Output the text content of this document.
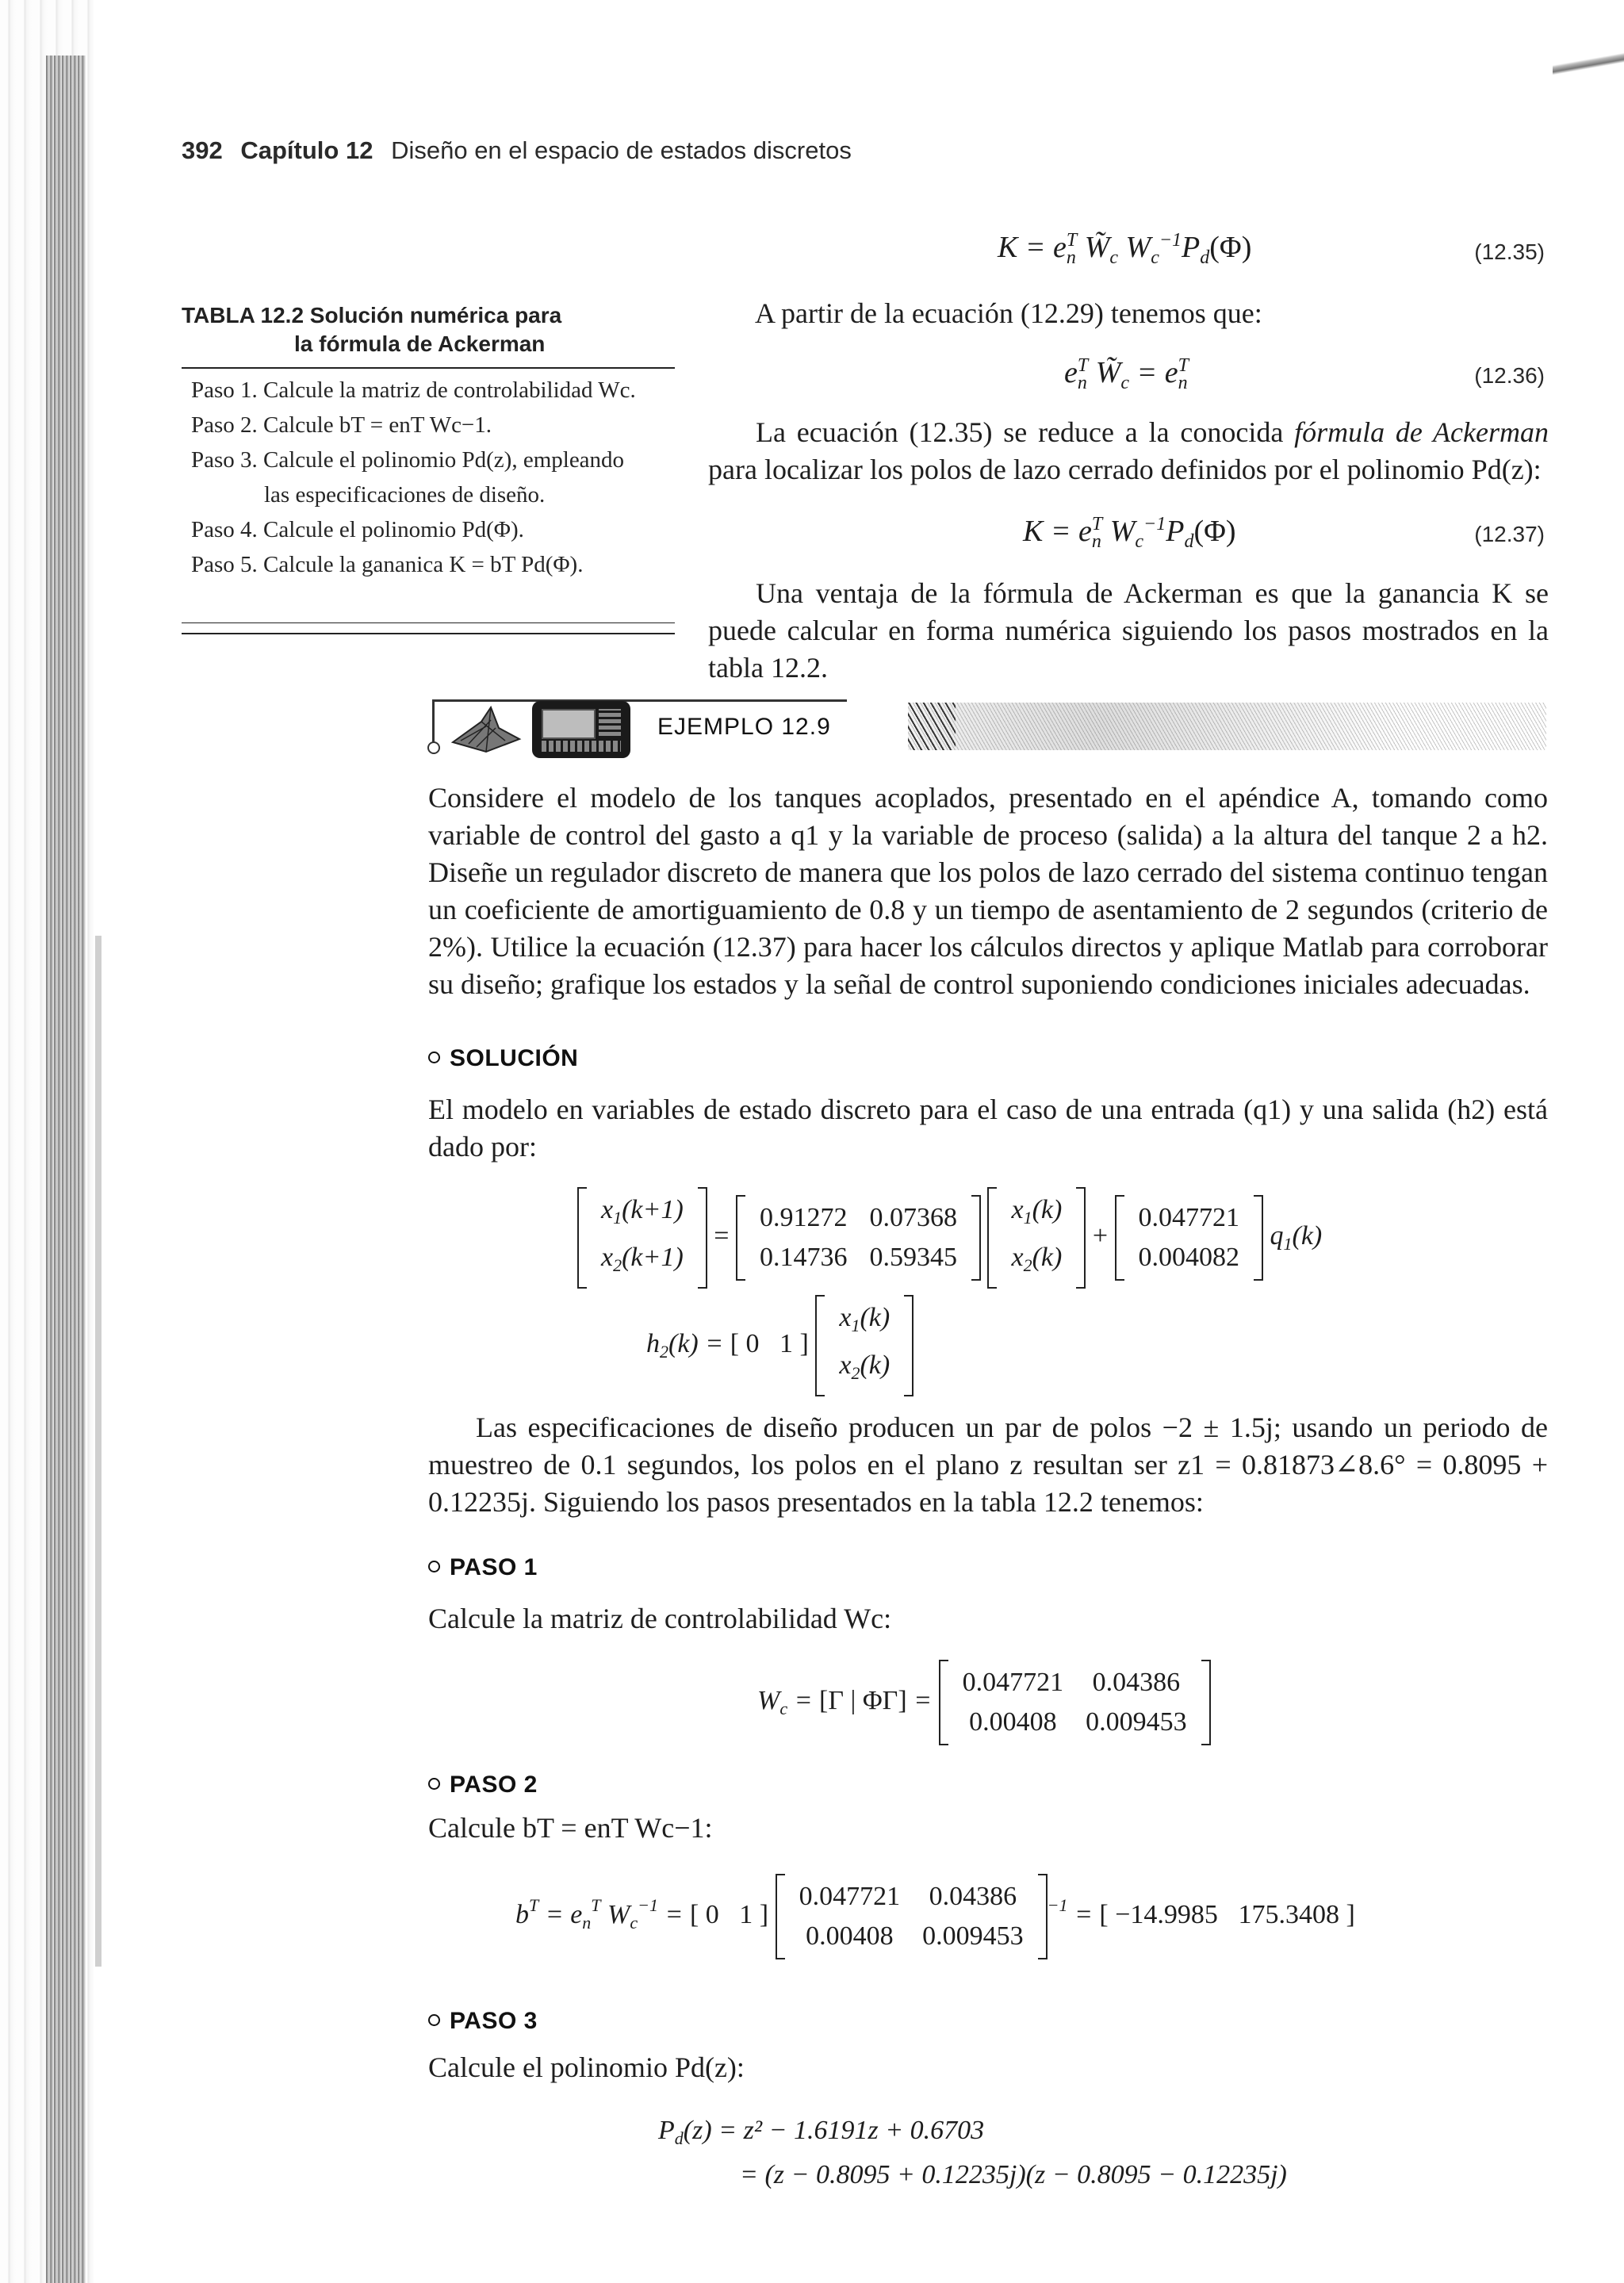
392 Capítulo 12 Diseño en el espacio de estados discretos
TABLA 12.2 Solución numérica para
la fórmula de Ackerman
Paso 1. Calcule la matriz de controlabilidad Wc.
Paso 2. Calcule bT = enT Wc−1.
Paso 3. Calcule el polinomio Pd(z), empleando
las especificaciones de diseño.
Paso 4. Calcule el polinomio Pd(Φ).
Paso 5. Calcule la gananica K = bT Pd(Φ).
$K = e_n^T$ $W̃_c$ $W_c^{-1}P_d(\Phi)$	(12.35)
A partir de la ecuación (12.29) tenemos que:
$e_n^T$ $W̃_c = e_n^T$	(12.36)
La ecuación (12.35) se reduce a la conocida fórmula de Ackerman para localizar los polos de lazo cerrado definidos por el polinomio Pd(z):
$K = e_n^T$ $W_c^{-1}P_d(\Phi)$	(12.37)
Una ventaja de la fórmula de Ackerman es que la ganancia K se puede calcular en forma numérica siguiendo los pasos mostrados en la tabla 12.2.
EJEMPLO 12.9
Considere el modelo de los tanques acoplados, presentado en el apéndice A, tomando como variable de control del gasto a q1 y la variable de proceso (salida) a la altura del tanque 2 a h2. Diseñe un regulador discreto de manera que los polos de lazo cerrado del sistema continuo tengan un coeficiente de amortiguamiento de 0.8 y un tiempo de asentamiento de 2 segundos (criterio de 2%). Utilice la ecuación (12.37) para hacer los cálculos directos y aplique Matlab para corroborar su diseño; grafique los estados y la señal de control suponiendo condiciones iniciales adecuadas.
SOLUCIÓN
El modelo en variables de estado discreto para el caso de una entrada (q1) y una salida (h2) está dado por:
$x_1(k+1)$
$x_2(k+1)$
=
0.91272	0.07368
0.14736	0.59345

$x_1(k)$
$x_2(k)$
+
0.047721
0.004082
$q_1(k)$
$h_2(k)$ = [ 0 1 ]
$x_1(k)$
$x_2(k)$
Las especificaciones de diseño producen un par de polos −2 ± 1.5j; usando un periodo de muestreo de 0.1 segundos, los polos en el plano z resultan ser z1 = 0.81873∠8.6° = 0.8095 + 0.12235j. Siguiendo los pasos presentados en la tabla 12.2 tenemos:
PASO 1
Calcule la matriz de controlabilidad Wc:
$W_c = [\Gamma$ | ΦΓ] =
0.047721	0.04386
0.00408	0.009453
PASO 2
Calcule bT = enT Wc−1:
$b^T = e_n^T$ $W_c^{-1}$ = [ 0 1 ]
0.047721	0.04386
0.00408	0.009453
$^{-1}$ = [ −14.9985 175.3408 ]
PASO 3
Calcule el polinomio Pd(z):
$P_d(z) = z^2 - 1.6191z + 0.6703$
= (z − 0.8095 + 0.12235j)(z − 0.8095 − 0.12235j)
